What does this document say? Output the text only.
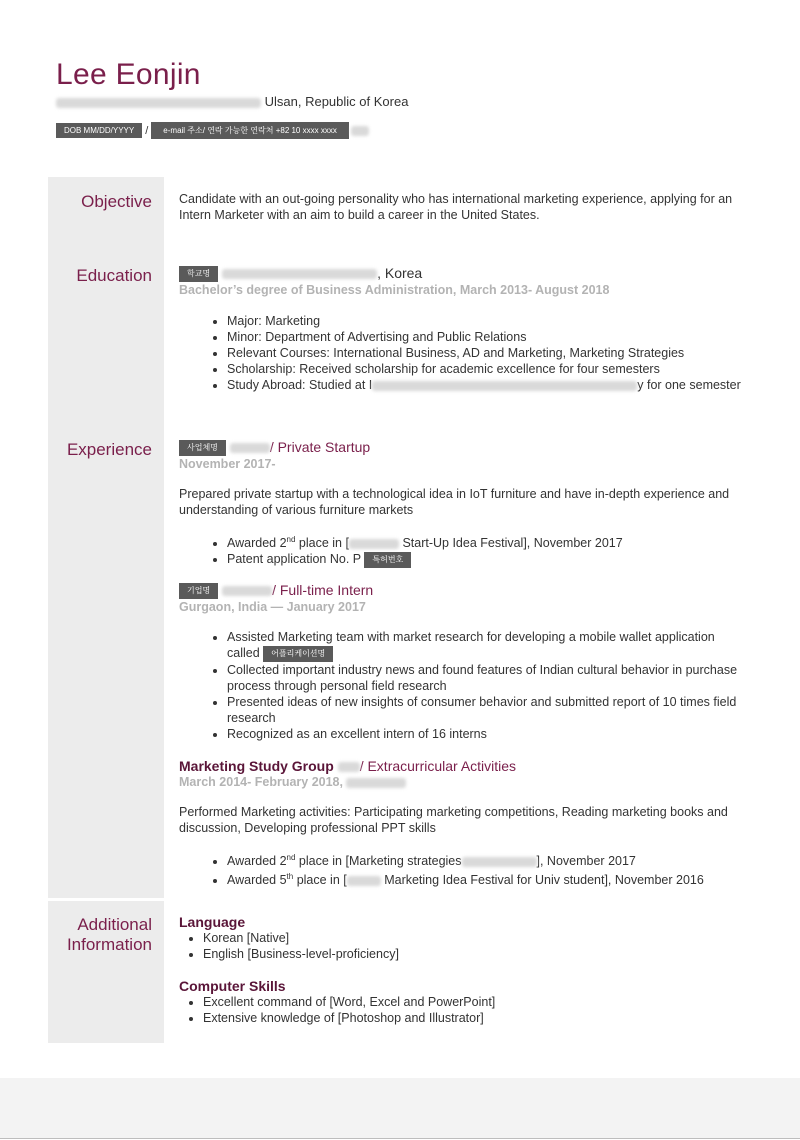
Lee Eonjin
Ulsan, Republic of Korea
DOB MM/DD/YYYY / e-mail 주소/ 연락 가능한 연락처 +82 10 xxxx xxxx
Objective
Education
Experience
Additional
Information
Candidate with an out-going personality who has international marketing experience, applying for an Intern Marketer with an aim to build a career in the United States.
학교명	, Korea
Bachelor’s degree of Business Administration, March 2013- August 2018
• Major: Marketing
• Minor: Department of Advertising and Public Relations
• Relevant Courses: International Business, AD and Marketing, Marketing Strategies
• Scholarship: Received scholarship for academic excellence for four semesters
• Study Abroad: Studied at I	y for one semester
사업체명	/ Private Startup
November 2017-
Prepared private startup with a technological idea in IoT furniture and have in-depth experience and understanding of various furniture markets
• Awarded 2nd place in [	Start-Up Idea Festival], November 2017
• Patent application No. P 특허번호
기업명	/ Full-time Intern
Gurgaon, India — January 2017
• Assisted Marketing team with market research for developing a mobile wallet application called 어플리케이션명
• Collected important industry news and found features of Indian cultural behavior in purchase process through personal field research
• Presented ideas of new insights of consumer behavior and submitted report of 10 times field research
• Recognized as an excellent intern of 16 interns
Marketing Study Group / Extracurricular Activities
March 2014- February 2018,
Performed Marketing activities: Participating marketing competitions, Reading marketing books and discussion, Developing professional PPT skills
• Awarded 2nd place in [Marketing strategies	], November 2017
• Awarded 5th place in [	Marketing Idea Festival for Univ student], November 2016
Language
• Korean [Native]
• English [Business-level-proficiency]
Computer Skills
• Excellent command of [Word, Excel and PowerPoint]
• Extensive knowledge of [Photoshop and Illustrator]
